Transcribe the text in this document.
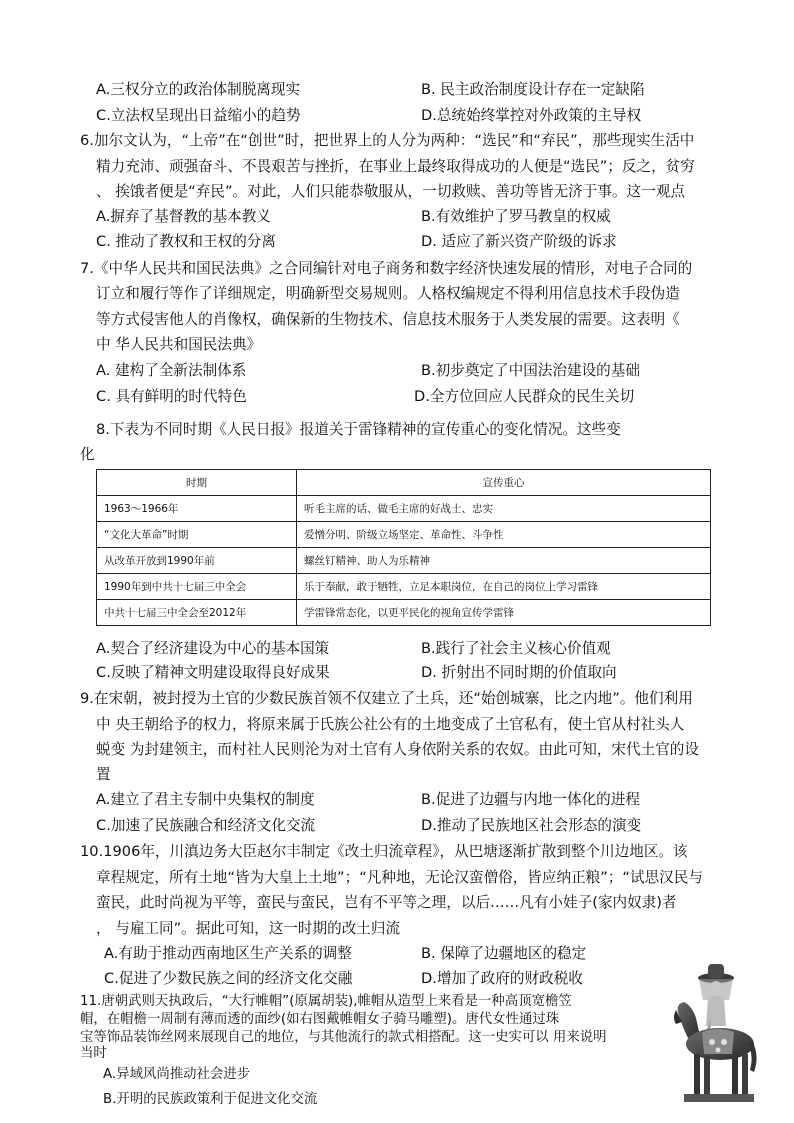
A.三权分立的政治体制脱离现实	B. 民主政治制度设计存在一定缺陷
C.立法权呈现出日益缩小的趋势	D.总统始终掌控对外政策的主导权
6.加尔文认为，“上帝”在“创世”时，把世界上的人分为两种：“选民”和“弃民”，那些现实生活中
精力充沛、顽强奋斗、不畏艰苦与挫折，在事业上最终取得成功的人便是“选民”；反之，贫穷
、 挨饿者便是“弃民”。对此，人们只能恭敬服从，一切救赎、善功等皆无济于事。这一观点
A.摒弃了基督教的基本教义	B.有效维护了罗马教皇的权威
C. 推动了教权和王权的分离	D. 适应了新兴资产阶级的诉求
7.《中华人民共和国民法典》之合同编针对电子商务和数字经济快速发展的情形，对电子合同的
订立和履行等作了详细规定，明确新型交易规则。人格权编规定不得利用信息技术手段伪造
等方式侵害他人的肖像权，确保新的生物技术、信息技术服务于人类发展的需要。这表明《
中 华人民共和国民法典》
A. 建构了全新法制体系	B.初步奠定了中国法治建设的基础
C. 具有鲜明的时代特色	D.全方位回应人民群众的民生关切
8.下表为不同时期《人民日报》报道关于雷锋精神的宣传重心的变化情况。这些变
化
时期	宣传重心
1963～1966年	听毛主席的话、做毛主席的好战士、忠实
“文化大革命”时期	爱憎分明、阶级立场坚定、革命性、斗争性
从改革开放到1990年前	螺丝钉精神、助人为乐精神
1990年到中共十七届三中全会	乐于奉献，敢于牺牲，立足本职岗位，在自己的岗位上学习雷锋
中共十七届三中全会至2012年	学雷锋常态化，以更平民化的视角宣传学雷锋
A.契合了经济建设为中心的基本国策	B.践行了社会主义核心价值观
C.反映了精神文明建设取得良好成果	D. 折射出不同时期的价值取向
9.在宋朝，被封授为土官的少数民族首领不仅建立了土兵，还“始创城寨，比之内地”。他们利用
中 央王朝给予的权力，将原来属于氏族公社公有的土地变成了土官私有，使土官从村社头人
蜕变 为封建领主，而村社人民则沦为对土官有人身依附关系的农奴。由此可知，宋代土官的设
置
A.建立了君主专制中央集权的制度	B.促进了边疆与内地一体化的进程
C.加速了民族融合和经济文化交流	D.推动了民族地区社会形态的演变
10.1906年，川滇边务大臣赵尔丰制定《改土归流章程》，从巴塘逐渐扩散到整个川边地区。该
章程规定，所有土地“皆为大皇上土地”；“凡种地，无论汉蛮僧俗，皆应纳正粮”；“试思汉民与
蛮民，此时尚视为平等，蛮民与蛮民，岂有不平等之理，以后……凡有小娃子(家内奴隶)者
， 与雇工同”。据此可知，这一时期的改土归流
A.有助于推动西南地区生产关系的调整	B. 保障了边疆地区的稳定
C.促进了少数民族之间的经济文化交融	D.增加了政府的财政税收
11.唐朝武则天执政后，“大行帷帽”(原属胡装),帷帽从造型上来看是一种高顶宽檐笠
帽，在帽檐一周制有薄而透的面纱(如右图戴帷帽女子骑马雕塑)。唐代女性通过珠
宝等饰品装饰丝网来展现自己的地位，与其他流行的款式相搭配。这一史实可以 用来说明
当时
A.异域风尚推动社会进步
B.开明的民族政策利于促进文化交流
